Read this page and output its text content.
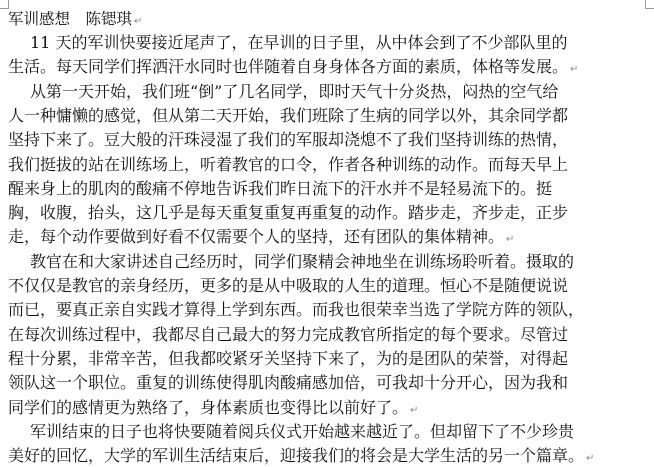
军训感想　陈锶琪 ↵
11 天的军训快要接近尾声了，在早训的日子里，从中体会到了不少部队里的
生活。每天同学们挥洒汗水同时也伴随着自身身体各方面的素质，体格等发展。 ↵
从第一天开始，我们班“倒”了几名同学，即时天气十分炎热，闷热的空气给
人一种慵懒的感觉，但从第二天开始，我们班除了生病的同学以外，其余同学都
坚持下来了。豆大般的汗珠浸湿了我们的军服却浇熄不了我们坚持训练的热情，
我们挺拔的站在训练场上，听着教官的口令，作者各种训练的动作。而每天早上
醒来身上的肌肉的酸痛不停地告诉我们昨日流下的汗水并不是轻易流下的。挺
胸，收腹，抬头，这几乎是每天重复重复再重复的动作。踏步走，齐步走，正步
走，每个动作要做到好看不仅需要个人的坚持，还有团队的集体精神。 ↵
教官在和大家讲述自己经历时，同学们聚精会神地坐在训练场聆听着。摄取的
不仅仅是教官的亲身经历，更多的是从中吸取的人生的道理。恒心不是随便说说
而已，要真正亲自实践才算得上学到东西。而我也很荣幸当选了学院方阵的领队，
在每次训练过程中，我都尽自己最大的努力完成教官所指定的每个要求。尽管过
程十分累，非常辛苦，但我都咬紧牙关坚持下来了，为的是团队的荣誉，对得起
领队这一个职位。重复的训练使得肌肉酸痛感加倍，可我却十分开心，因为我和
同学们的感情更为熟络了，身体素质也变得比以前好了。 ↵
军训结束的日子也将快要随着阅兵仪式开始越来越近了。但却留下了不少珍贵
美好的回忆，大学的军训生活结束后，迎接我们的将会是大学生活的另一个篇章。 ↵
